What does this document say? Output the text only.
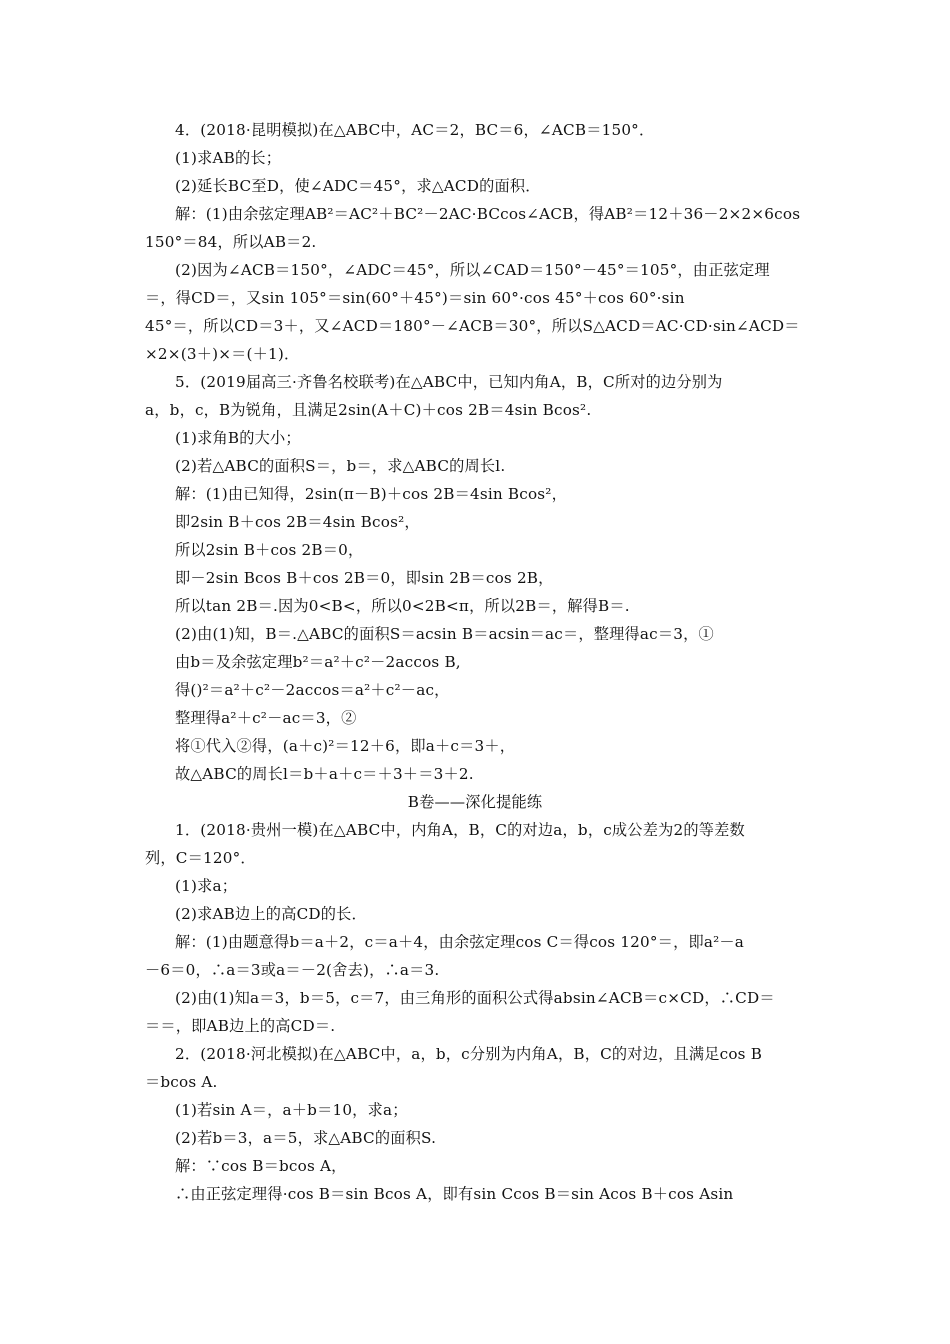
4．(2018·昆明模拟)在△ABC中，AC＝2，BC＝6，∠ACB＝150°．
(1)求AB的长；
(2)延长BC至D，使∠ADC＝45°，求△ACD的面积．
解：(1)由余弦定理AB²＝AC²＋BC²－2AC·BCcos∠ACB，得AB²＝12＋36－2×2×6cos
150°＝84，所以AB＝2.
(2)因为∠ACB＝150°，∠ADC＝45°，所以∠CAD＝150°－45°＝105°，由正弦定理
＝，得CD＝，又sin 105°＝sin(60°＋45°)＝sin 60°·cos 45°＋cos 60°·sin
45°＝，所以CD＝3＋，又∠ACD＝180°－∠ACB＝30°，所以S△ACD＝AC·CD·sin∠ACD＝
×2×(3＋)×＝(＋1)．
5．(2019届高三·齐鲁名校联考)在△ABC中，已知内角A，B，C所对的边分别为
a，b，c，B为锐角，且满足2sin(A＋C)＋cos 2B＝4sin Bcos².
(1)求角B的大小；
(2)若△ABC的面积S＝，b＝，求△ABC的周长l.
解：(1)由已知得，2sin(π－B)＋cos 2B＝4sin Bcos²，
即2sin B＋cos 2B＝4sin Bcos²，
所以2sin B＋cos 2B＝0，
即－2sin Bcos B＋cos 2B＝0，即sin 2B＝cos 2B，
所以tan 2B＝.因为0<B<，所以0<2B<π，所以2B＝，解得B＝.
(2)由(1)知，B＝.△ABC的面积S＝acsin B＝acsin＝ac＝，整理得ac＝3，①
由b＝及余弦定理b²＝a²＋c²－2accos B,
得()²＝a²＋c²－2accos＝a²＋c²－ac，
整理得a²＋c²－ac＝3，②
将①代入②得，(a＋c)²＝12＋6，即a＋c＝3＋，
故△ABC的周长l＝b＋a＋c＝＋3＋＝3＋2.
B卷——深化提能练
1．(2018·贵州一模)在△ABC中，内角A，B，C的对边a，b，c成公差为2的等差数
列，C＝120°．
(1)求a；
(2)求AB边上的高CD的长．
解：(1)由题意得b＝a＋2，c＝a＋4，由余弦定理cos C＝得cos 120°＝，即a²－a
－6＝0，∴a＝3或a＝－2(舍去)，∴a＝3.
(2)由(1)知a＝3，b＝5，c＝7，由三角形的面积公式得absin∠ACB＝c×CD，∴CD＝
＝＝，即AB边上的高CD＝.
2．(2018·河北模拟)在△ABC中，a，b，c分别为内角A，B，C的对边，且满足cos B
＝bcos A.
(1)若sin A＝，a＋b＝10，求a；
(2)若b＝3，a＝5，求△ABC的面积S.
解：∵cos B＝bcos A，
∴由正弦定理得·cos B＝sin Bcos A，即有sin Ccos B＝sin Acos B＋cos Asin
